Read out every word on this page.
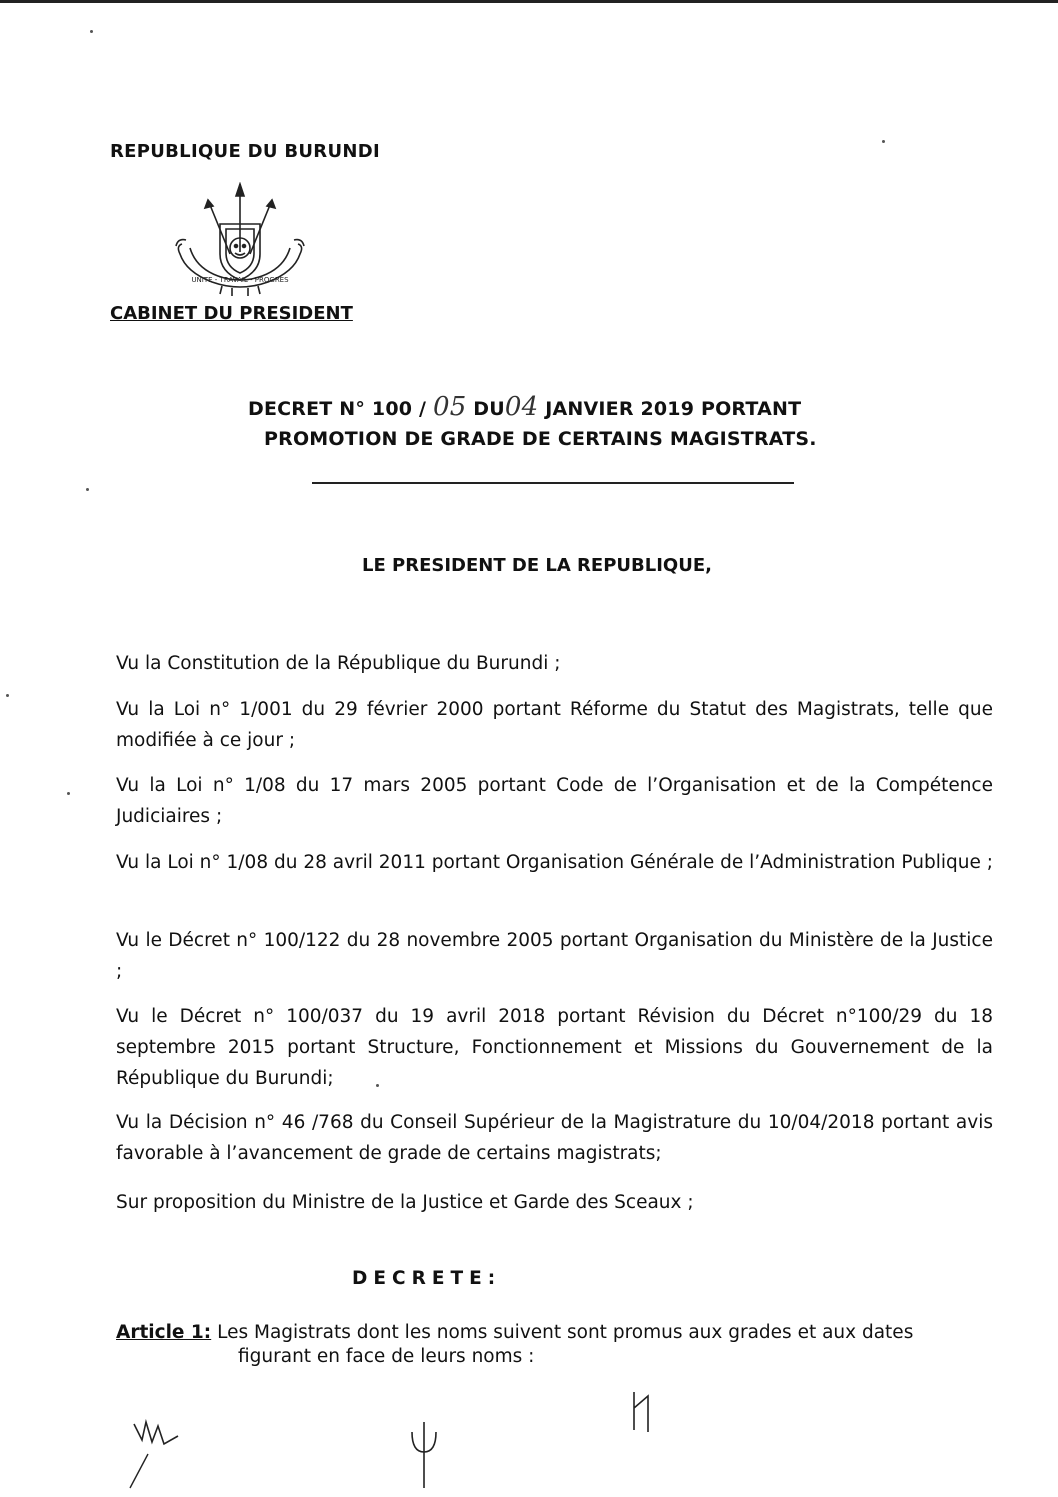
REPUBLIQUE DU BURUNDI
UNITE - TRAVAIL - PROGRES
CABINET DU PRESIDENT
DECRET N° 100 / 05 DU04 JANVIER 2019 PORTANT
PROMOTION DE GRADE DE CERTAINS MAGISTRATS.
LE PRESIDENT DE LA REPUBLIQUE,
Vu la Constitution de la République du Burundi ;
Vu la Loi n° 1/001 du 29 février 2000 portant Réforme du Statut des Magistrats, telle que modifiée à ce jour ;
Vu la Loi n° 1/08 du 17 mars 2005 portant Code de l’Organisation et de la Compétence Judiciaires ;
Vu la Loi n° 1/08 du 28 avril 2011 portant Organisation Générale de l’Administration Publique ;
Vu le Décret n° 100/122 du 28 novembre 2005 portant Organisation du Ministère de la Justice ;
Vu le Décret n° 100/037 du 19 avril 2018 portant Révision du Décret n°100/29 du 18 septembre 2015 portant Structure, Fonctionnement et Missions du Gouvernement de la République du Burundi;
Vu la Décision n° 46 /768 du Conseil Supérieur de la Magistrature du 10/04/2018 portant avis favorable à l’avancement de grade de certains magistrats;
Sur proposition du Ministre de la Justice et Garde des Sceaux ;
DECRETE:
Article 1: Les Magistrats dont les noms suivent sont promus aux grades et aux dates
figurant en face de leurs noms :
